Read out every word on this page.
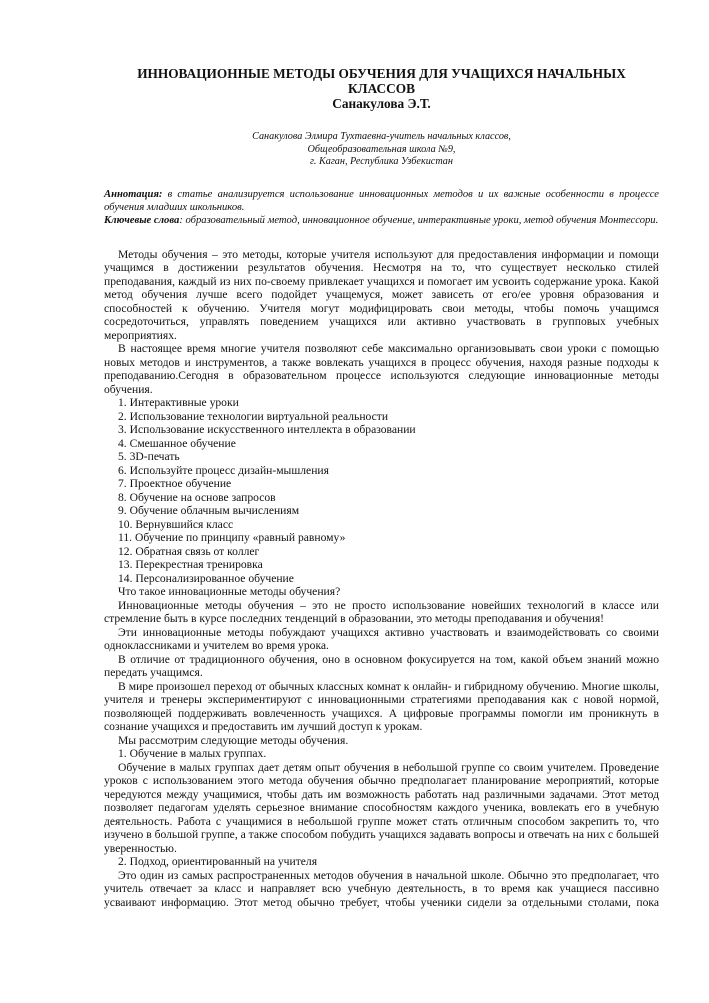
ИННОВАЦИОННЫЕ МЕТОДЫ ОБУЧЕНИЯ ДЛЯ УЧАЩИХСЯ НАЧАЛЬНЫХ
КЛАССОВ

Санакулова Э.Т.

Санакулова Элмира Тухтаевна-учитель начальных классов,
Общеобразовательная школа №9,
г. Каган, Республика Узбекистан

Аннотация: в статье анализируется использование инновационных методов и их важные особенности в процессе обучения младших школьников.

Ключевые слова: образовательный метод, инновационное обучение, интерактивные уроки, метод обучения Монтессори.

Методы обучения – это методы, которые учителя используют для предоставления информации и помощи учащимся в достижении результатов обучения. Несмотря на то, что существует несколько стилей преподавания, каждый из них по-своему привлекает учащихся и помогает им усвоить содержание урока. Какой метод обучения лучше всего подойдет учащемуся, может зависеть от его/ее уровня образования и способностей к обучению. Учителя могут модифицировать свои методы, чтобы помочь учащимся сосредоточиться, управлять поведением учащихся или активно участвовать в групповых учебных мероприятиях.

В настоящее время многие учителя позволяют себе максимально организовывать свои уроки с помощью новых методов и инструментов, а также вовлекать учащихся в процесс обучения, находя разные подходы к преподаванию.Сегодня в образовательном процессе используются следующие инновационные методы обучения.

1. Интерактивные уроки
2. Использование технологии виртуальной реальности
3. Использование искусственного интеллекта в образовании
4. Смешанное обучение
5. 3D-печать
6. Используйте процесс дизайн-мышления
7. Проектное обучение
8. Обучение на основе запросов
9. Обучение облачным вычислениям
10. Вернувшийся класс
11. Обучение по принципу «равный равному»
12. Обратная связь от коллег
13. Перекрестная тренировка
14. Персонализированное обучение

Что такое инновационные методы обучения?

Инновационные методы обучения – это не просто использование новейших технологий в классе или стремление быть в курсе последних тенденций в образовании, это методы преподавания и обучения!

Эти инновационные методы побуждают учащихся активно участвовать и взаимодействовать со своими одноклассниками и учителем во время урока.

В отличие от традиционного обучения, оно в основном фокусируется на том, какой объем знаний можно передать учащимся.

В мире произошел переход от обычных классных комнат к онлайн- и гибридному обучению. Многие школы, учителя и тренеры экспериментируют с инновационными стратегиями преподавания как с новой нормой, позволяющей поддерживать вовлеченность учащихся. А цифровые программы помогли им проникнуть в сознание учащихся и предоставить им лучший доступ к урокам.

Мы рассмотрим следующие методы обучения.

1. Обучение в малых группах.

Обучение в малых группах дает детям опыт обучения в небольшой группе со своим учителем. Проведение уроков с использованием этого метода обучения обычно предполагает планирование мероприятий, которые чередуются между учащимися, чтобы дать им возможность работать над различными задачами. Этот метод позволяет педагогам уделять серьезное внимание способностям каждого ученика, вовлекать его в учебную деятельность. Работа с учащимися в небольшой группе может стать отличным способом закрепить то, что изучено в большой группе, а также способом побудить учащихся задавать вопросы и отвечать на них с большей уверенностью.

2. Подход, ориентированный на учителя

Это один из самых распространенных методов обучения в начальной школе. Обычно это предполагает, что учитель отвечает за класс и направляет всю учебную деятельность, в то время как учащиеся пассивно усваивают информацию. Этот метод обычно требует, чтобы ученики сидели за отдельными столами, пока
